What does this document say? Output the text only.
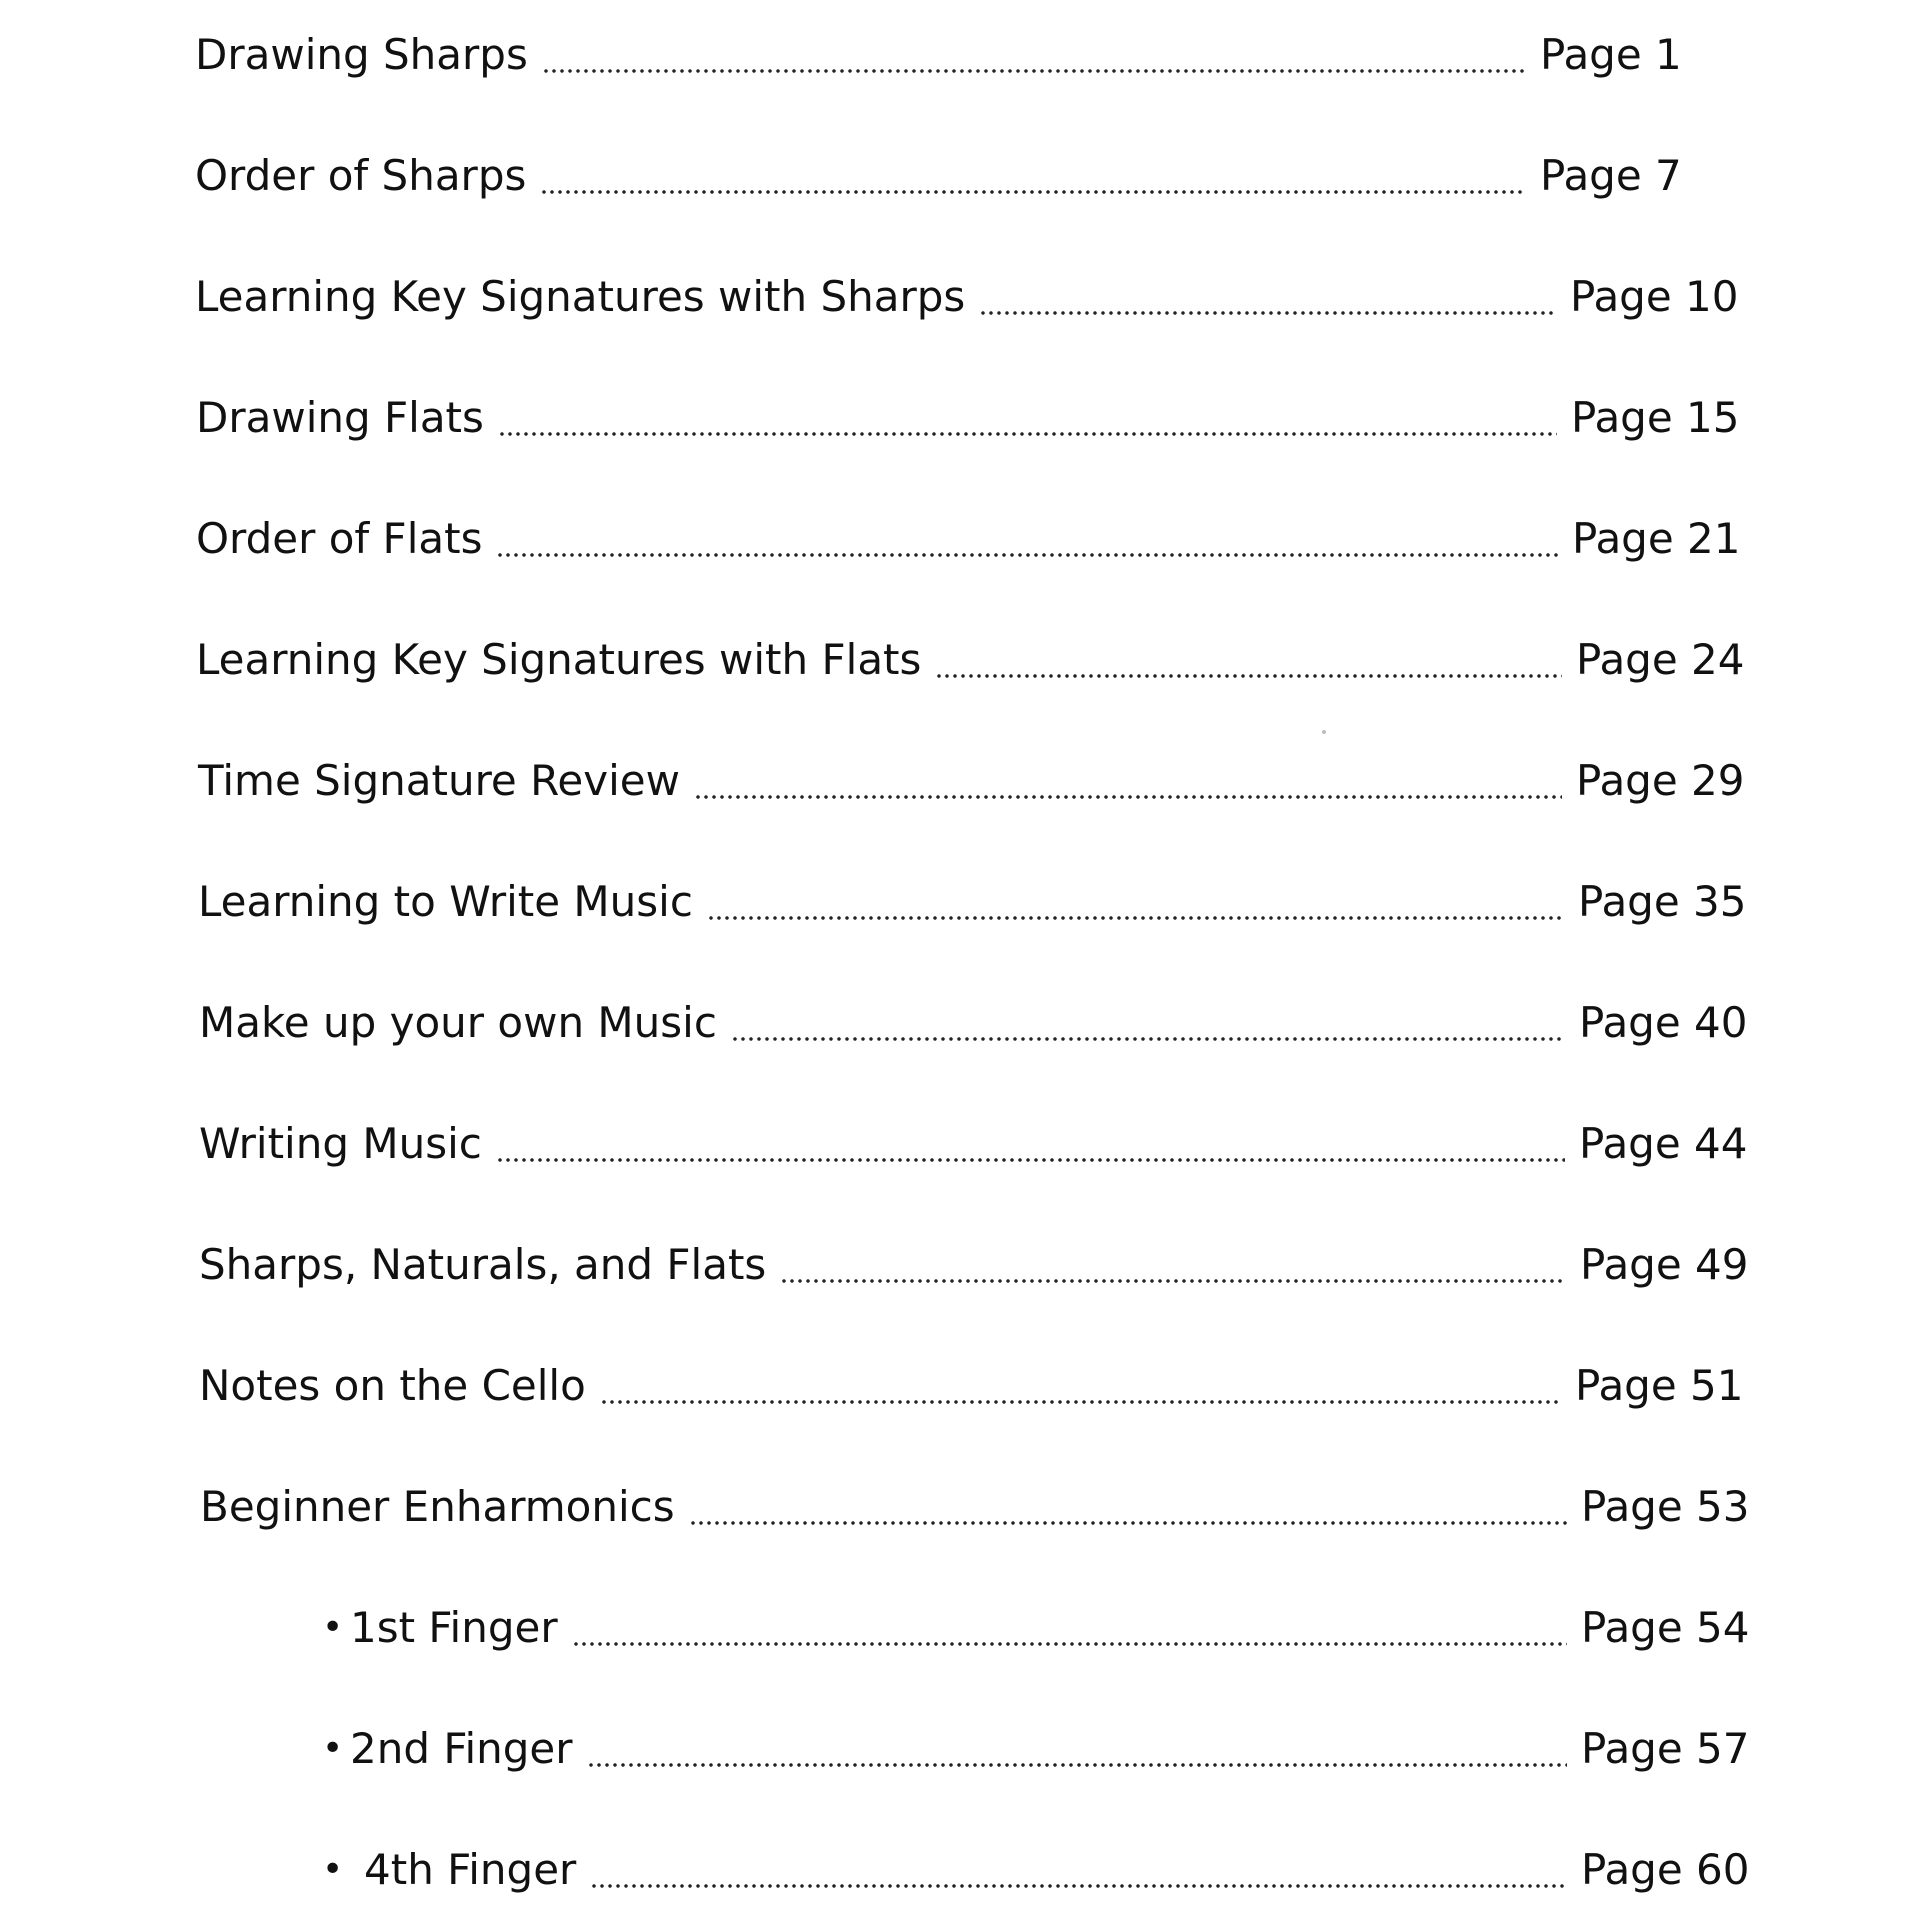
Drawing Sharps	Page 1
Order of Sharps	Page 7
Learning Key Signatures with Sharps	Page 10
Drawing Flats	Page 15
Order of Flats	Page 21
Learning Key Signatures with Flats	Page 24
Time Signature Review	Page 29
Learning to Write Music	Page 35
Make up your own Music	Page 40
Writing Music	Page 44
Sharps, Naturals, and Flats	Page 49
Notes on the Cello	Page 51
Beginner Enharmonics	Page 53
• 1st Finger	Page 54
• 2nd Finger	Page 57
• 4th Finger	Page 60
